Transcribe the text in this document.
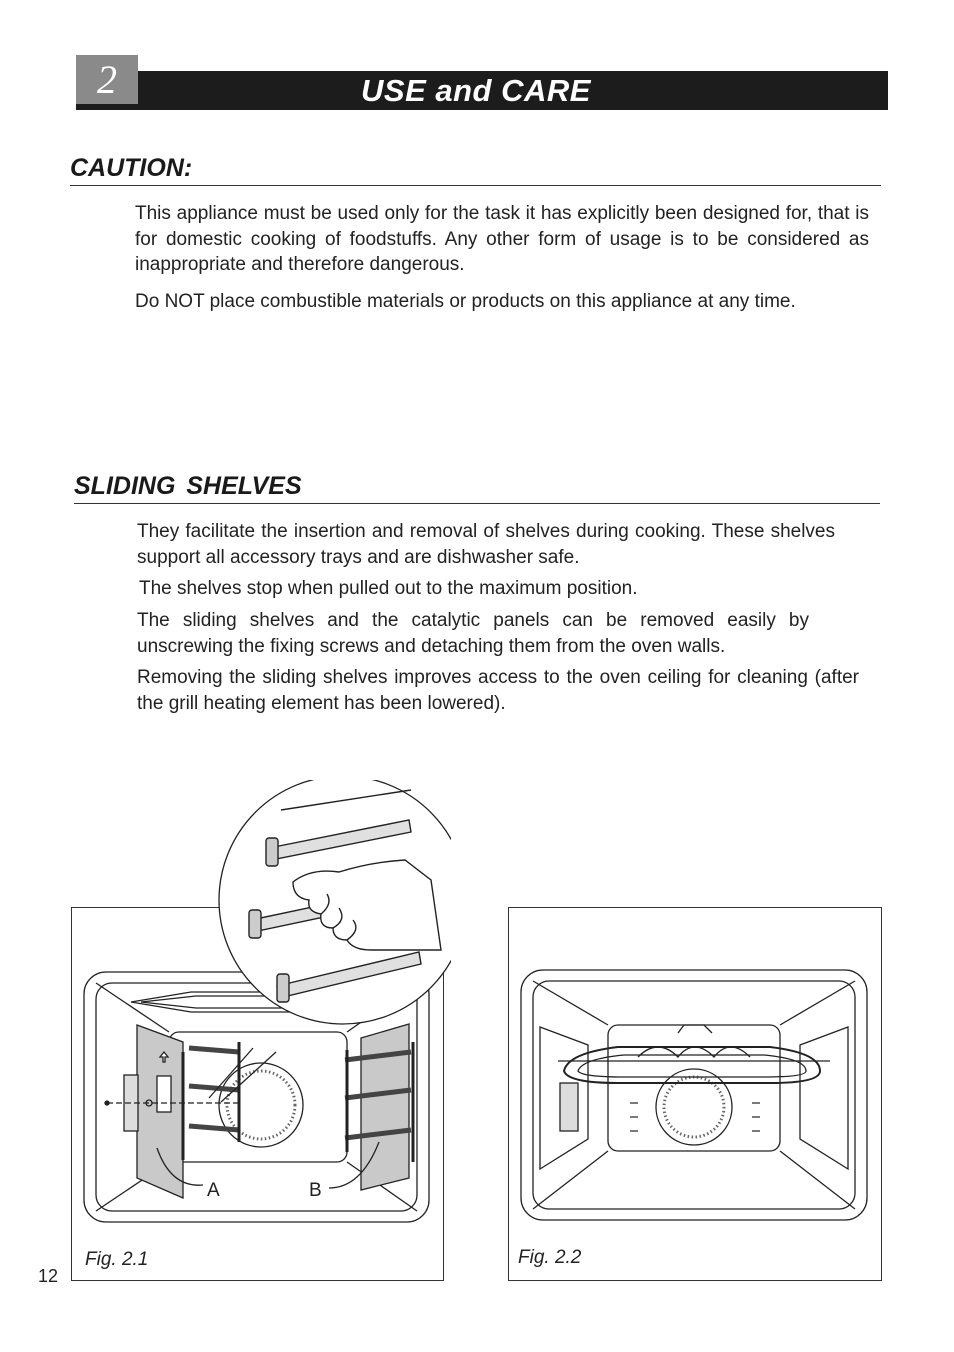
USE and CARE
2
CAUTION:
This appliance must be used only for the task it has explicitly been designed for, that is for domestic cooking of foodstuffs. Any other form of usage is to be considered as inappropriate and therefore dangerous.
Do NOT place combustible materials or products on this appliance at any time.
SLIDING SHELVES
They facilitate the insertion and removal of shelves during cooking. These shelves support all accessory trays and are dishwasher safe.
The shelves stop when pulled out to the maximum position.
The sliding shelves and the catalytic panels can be removed easily by unscrewing the fixing screws and detaching them from the oven walls.
Removing the sliding shelves improves access to the oven ceiling for cleaning (after the grill heating element has been lowered).
A	B
Fig. 2.1	Fig. 2.2
12
